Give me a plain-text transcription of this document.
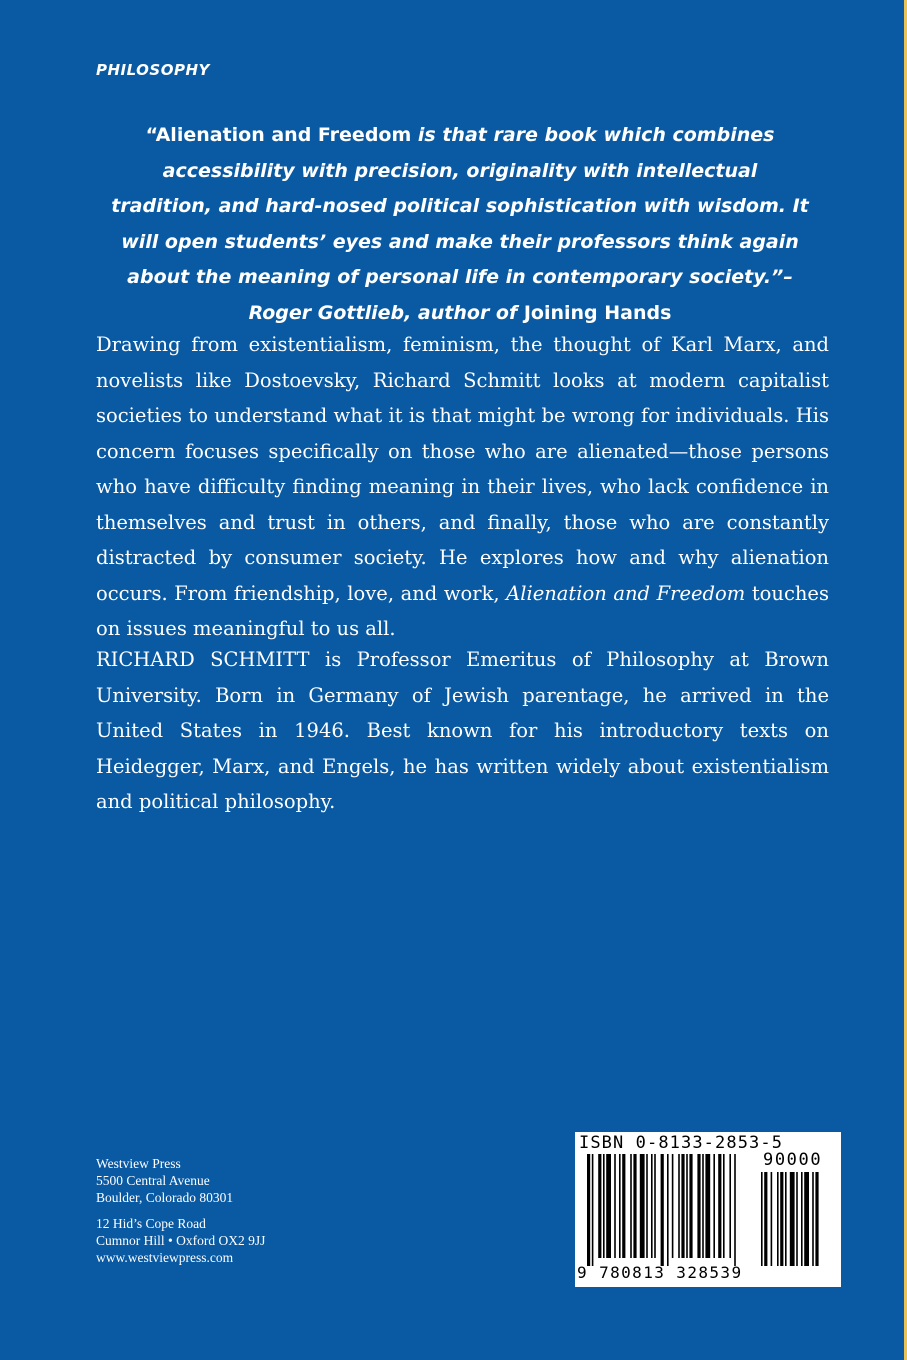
PHILOSOPHY
“Alienation and Freedom is that rare book which combines accessibility with precision, originality with intellectual tradition, and hard-nosed political sophistication with wisdom. It will open students’ eyes and make their professors think again about the meaning of personal life in contemporary society.”–Roger Gottlieb, author of Joining Hands
Drawing from existentialism, feminism, the thought of Karl Marx, and novelists like Dostoevsky, Richard Schmitt looks at modern capitalist societies to understand what it is that might be wrong for individuals. His concern focuses specifically on those who are alienated—those persons who have difficulty finding meaning in their lives, who lack confidence in themselves and trust in others, and finally, those who are constantly distracted by consumer society. He explores how and why alienation occurs. From friendship, love, and work, Alienation and Freedom touches on issues meaningful to us all.
RICHARD SCHMITT is Professor Emeritus of Philosophy at Brown University. Born in Germany of Jewish parentage, he arrived in the United States in 1946. Best known for his introductory texts on Heidegger, Marx, and Engels, he has written widely about existentialism and political philosophy.
Westview Press
5500 Central Avenue
Boulder, Colorado 80301
12 Hid’s Cope Road
Cumnor Hill • Oxford OX2 9JJ
www.westviewpress.com
ISBN 0-8133-2853-5
90000
9 780813 328539
